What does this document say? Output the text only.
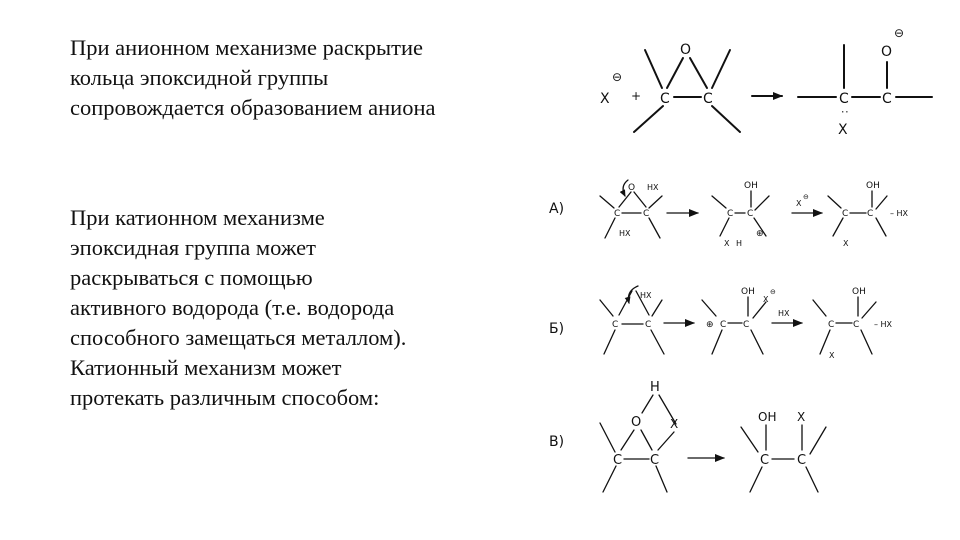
При анионном механизме раскрытие
кольца эпоксидной группы
сопровождается образованием аниона
При катионном механизме
эпоксидная группа может
раскрываться с помощью
активного водорода (т.е. водорода
способного замещаться металлом).
Катионный механизм может
протекать различным способом:
А)
Б)
В)
X
⊖
+
O
C C	C C
O
⊖
:
X
O HX
C	C
HX
OH
C C
X H
⊕
X
⊖
C C
OH
X
– HX
HX
C	C	⊕ C C
OH
X
⊖
HX
C C
OH
X
– HX
H
O X
C C	C C
OH X
